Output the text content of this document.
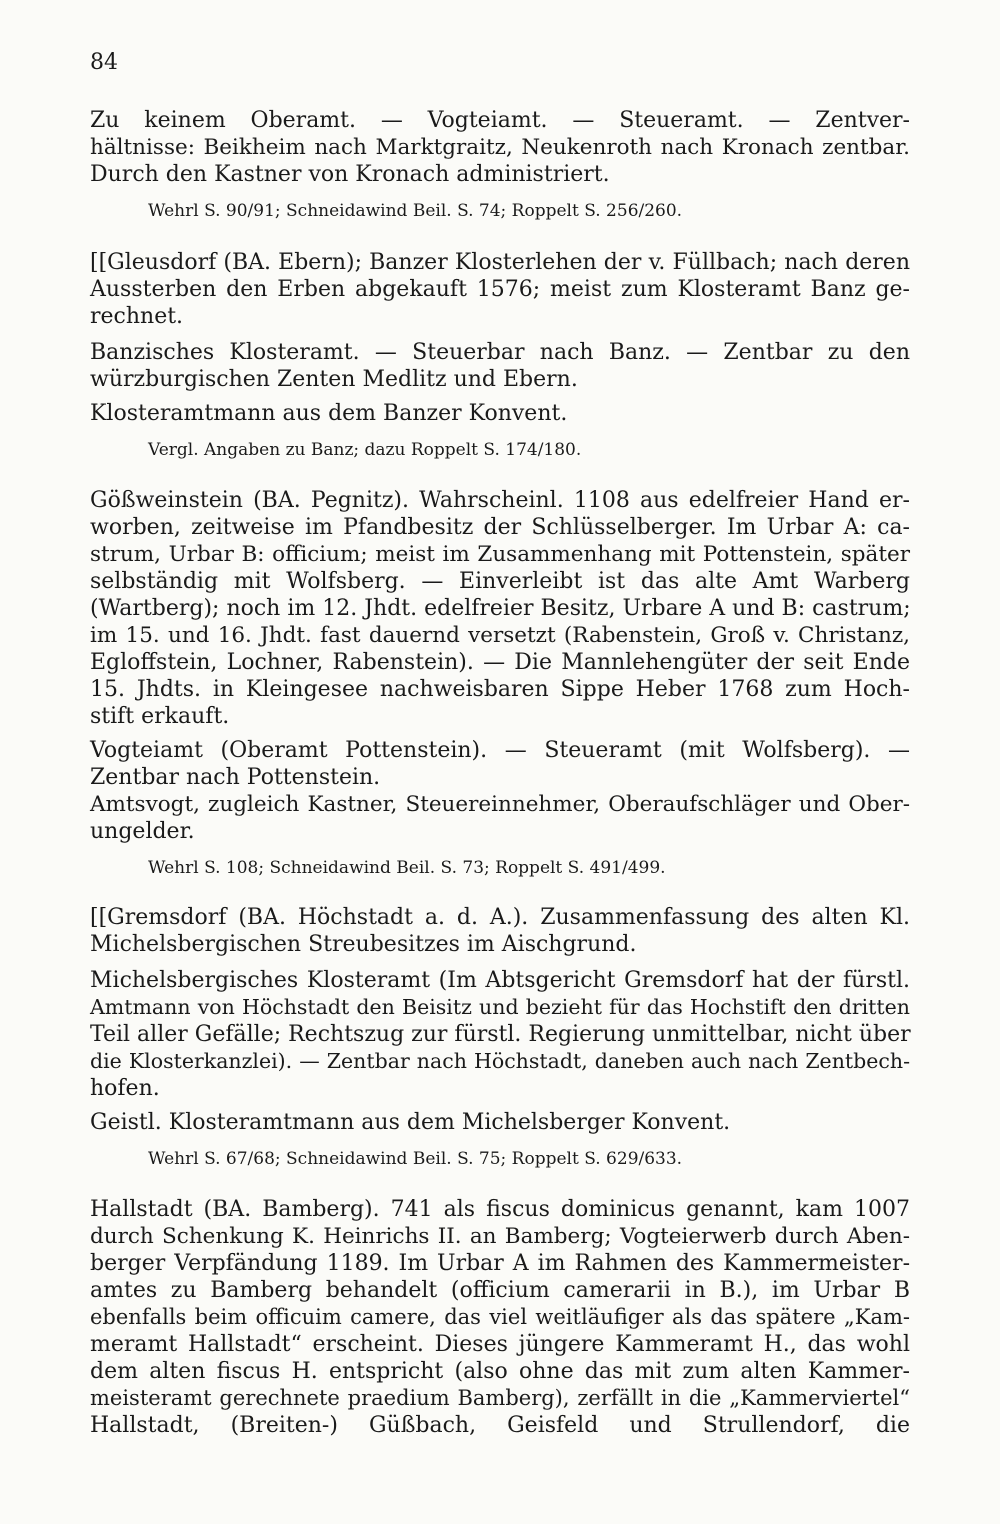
84
Zu keinem Oberamt. — Vogteiamt. — Steueramt. — Zentver-
hältnisse: Beikheim nach Marktgraitz, Neukenroth nach Kronach zentbar.
Durch den Kastner von Kronach administriert.
Wehrl S. 90/91; Schneidawind Beil. S. 74; Roppelt S. 256/260.
[[Gleusdorf (BA. Ebern); Banzer Klosterlehen der v. Füllbach; nach deren
Aussterben den Erben abgekauft 1576; meist zum Klosteramt Banz ge-
rechnet.
Banzisches Klosteramt. — Steuerbar nach Banz. — Zentbar zu den
würzburgischen Zenten Medlitz und Ebern.
Klosteramtmann aus dem Banzer Konvent.
Vergl. Angaben zu Banz; dazu Roppelt S. 174/180.
Gößweinstein (BA. Pegnitz). Wahrscheinl. 1108 aus edelfreier Hand er-
worben, zeitweise im Pfandbesitz der Schlüsselberger. Im Urbar A: ca-
strum, Urbar B: officium; meist im Zusammenhang mit Pottenstein, später
selbständig mit Wolfsberg. — Einverleibt ist das alte Amt Warberg
(Wartberg); noch im 12. Jhdt. edelfreier Besitz, Urbare A und B: castrum;
im 15. und 16. Jhdt. fast dauernd versetzt (Rabenstein, Groß v. Christanz,
Egloffstein, Lochner, Rabenstein). — Die Mannlehengüter der seit Ende
15. Jhdts. in Kleingesee nachweisbaren Sippe Heber 1768 zum Hoch-
stift erkauft.
Vogteiamt (Oberamt Pottenstein). — Steueramt (mit Wolfsberg). —
Zentbar nach Pottenstein.
Amtsvogt, zugleich Kastner, Steuereinnehmer, Oberaufschläger und Ober-
ungelder.
Wehrl S. 108; Schneidawind Beil. S. 73; Roppelt S. 491/499.
[[Gremsdorf (BA. Höchstadt a. d. A.). Zusammenfassung des alten Kl.
Michelsbergischen Streubesitzes im Aischgrund.
Michelsbergisches Klosteramt (Im Abtsgericht Gremsdorf hat der fürstl.
Amtmann von Höchstadt den Beisitz und bezieht für das Hochstift den dritten
Teil aller Gefälle; Rechtszug zur fürstl. Regierung unmittelbar, nicht über
die Klosterkanzlei). — Zentbar nach Höchstadt, daneben auch nach Zentbech-
hofen.
Geistl. Klosteramtmann aus dem Michelsberger Konvent.
Wehrl S. 67/68; Schneidawind Beil. S. 75; Roppelt S. 629/633.
Hallstadt (BA. Bamberg). 741 als fiscus dominicus genannt, kam 1007
durch Schenkung K. Heinrichs II. an Bamberg; Vogteierwerb durch Aben-
berger Verpfändung 1189. Im Urbar A im Rahmen des Kammermeister-
amtes zu Bamberg behandelt (officium camerarii in B.), im Urbar B
ebenfalls beim officuim camere, das viel weitläufiger als das spätere „Kam-
meramt Hallstadt“ erscheint. Dieses jüngere Kammeramt H., das wohl
dem alten fiscus H. entspricht (also ohne das mit zum alten Kammer-
meisteramt gerechnete praedium Bamberg), zerfällt in die „Kammerviertel“
Hallstadt, (Breiten-) Güßbach, Geisfeld und Strullendorf, die
